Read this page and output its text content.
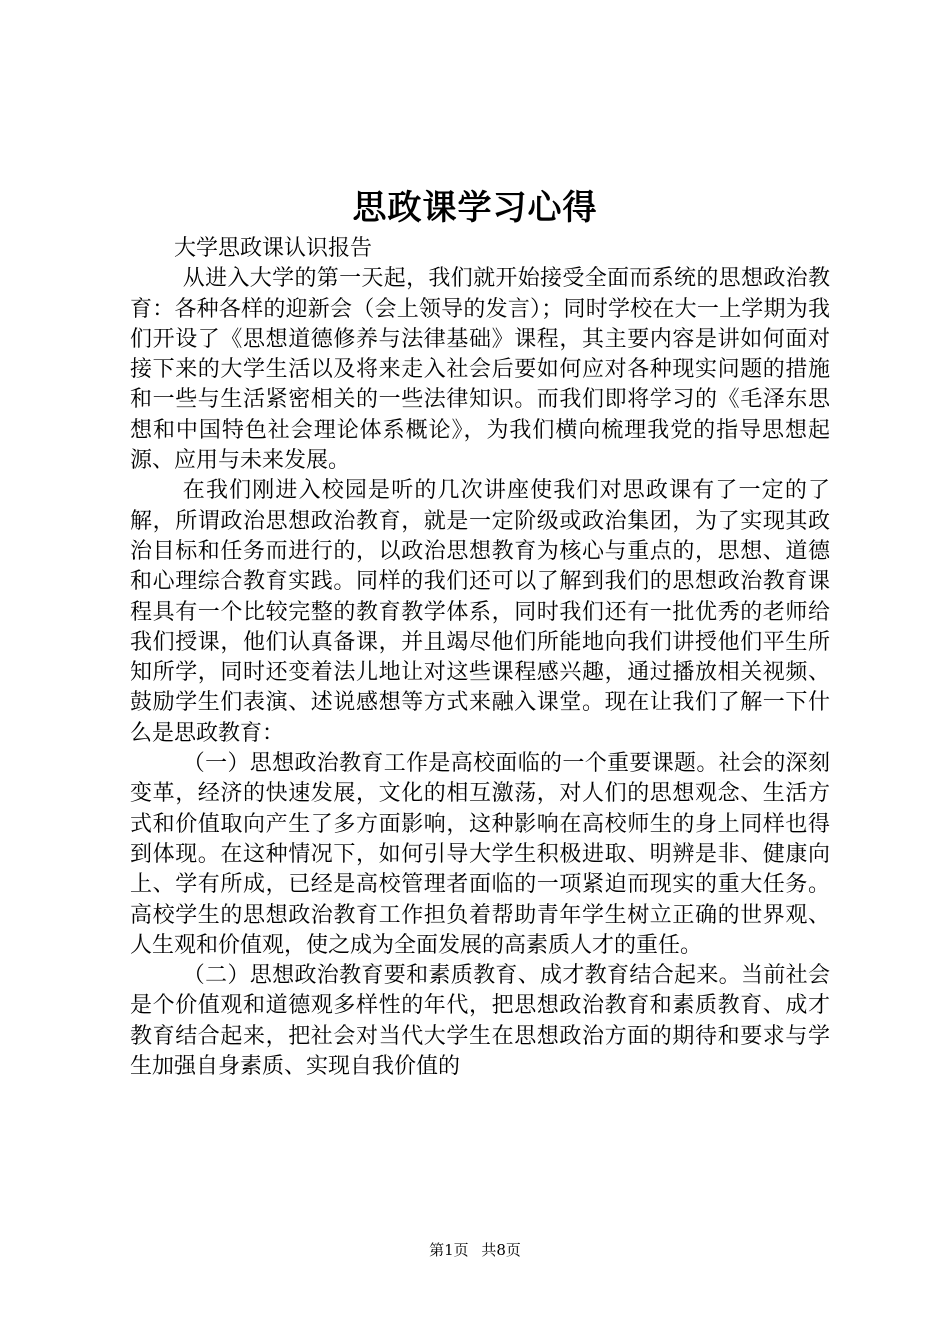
思政课学习心得

大学思政课认识报告

从进入大学的第一天起，我们就开始接受全面而系统的思想政治教育：各种各样的迎新会（会上领导的发言）；同时学校在大一上学期为我们开设了《思想道德修养与法律基础》课程，其主要内容是讲如何面对接下来的大学生活以及将来走入社会后要如何应对各种现实问题的措施和一些与生活紧密相关的一些法律知识。而我们即将学习的《毛泽东思想和中国特色社会理论体系概论》，为我们横向梳理我党的指导思想起源、应用与未来发展。

在我们刚进入校园是听的几次讲座使我们对思政课有了一定的了解，所谓政治思想政治教育，就是一定阶级或政治集团，为了实现其政治目标和任务而进行的，以政治思想教育为核心与重点的，思想、道德和心理综合教育实践。同样的我们还可以了解到我们的思想政治教育课程具有一个比较完整的教育教学体系，同时我们还有一批优秀的老师给我们授课，他们认真备课，并且竭尽他们所能地向我们讲授他们平生所知所学，同时还变着法儿地让对这些课程感兴趣，通过播放相关视频、鼓励学生们表演、述说感想等方式来融入课堂。现在让我们了解一下什么是思政教育：

（一）思想政治教育工作是高校面临的一个重要课题。社会的深刻变革，经济的快速发展，文化的相互激荡，对人们的思想观念、生活方式和价值取向产生了多方面影响，这种影响在高校师生的身上同样也得到体现。在这种情况下，如何引导大学生积极进取、明辨是非、健康向上、学有所成，已经是高校管理者面临的一项紧迫而现实的重大任务。高校学生的思想政治教育工作担负着帮助青年学生树立正确的世界观、人生观和价值观，使之成为全面发展的高素质人才的重任。

（二）思想政治教育要和素质教育、成才教育结合起来。当前社会是个价值观和道德观多样性的年代，把思想政治教育和素质教育、成才教育结合起来，把社会对当代大学生在思想政治方面的期待和要求与学生加强自身素质、实现自我价值的

第1页 共8页
